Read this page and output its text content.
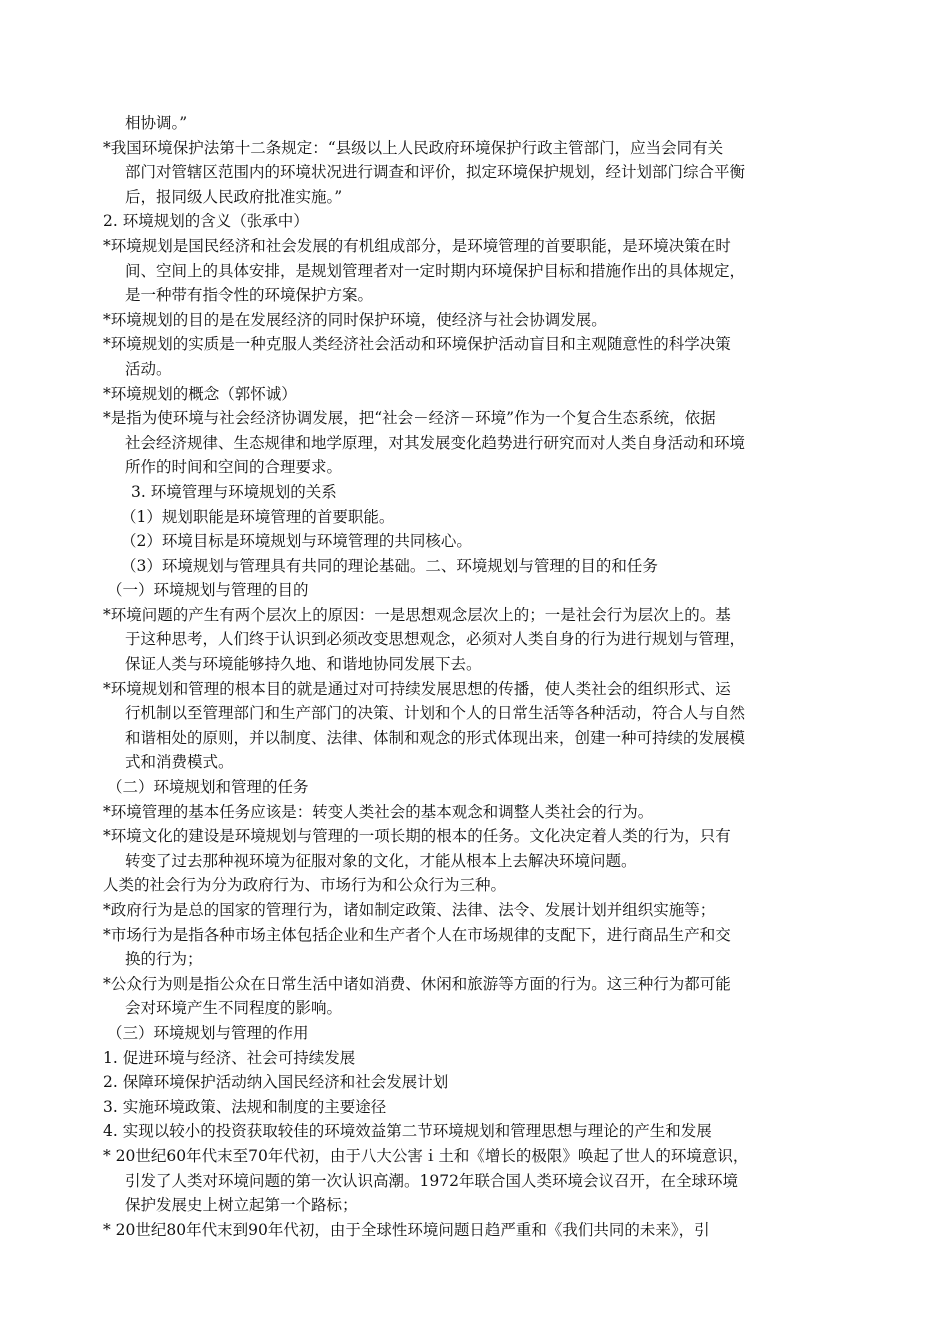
相协调。”
*我国环境保护法第十二条规定：“县级以上人民政府环境保护行政主管部门，应当会同有关
部门对管辖区范围内的环境状况进行调查和评价，拟定环境保护规划，经计划部门综合平衡
后，报同级人民政府批准实施。”
2. 环境规划的含义（张承中）
*环境规划是国民经济和社会发展的有机组成部分，是环境管理的首要职能，是环境决策在时
间、空间上的具体安排，是规划管理者对一定时期内环境保护目标和措施作出的具体规定，
是一种带有指令性的环境保护方案。
*环境规划的目的是在发展经济的同时保护环境，使经济与社会协调发展。
*环境规划的实质是一种克服人类经济社会活动和环境保护活动盲目和主观随意性的科学决策
活动。
*环境规划的概念（郭怀诚）
*是指为使环境与社会经济协调发展，把“社会－经济－环境”作为一个复合生态系统，依据
社会经济规律、生态规律和地学原理，对其发展变化趋势进行研究而对人类自身活动和环境
所作的时间和空间的合理要求。
3. 环境管理与环境规划的关系
（1）规划职能是环境管理的首要职能。
（2）环境目标是环境规划与环境管理的共同核心。
（3）环境规划与管理具有共同的理论基础。二、环境规划与管理的目的和任务
（一）环境规划与管理的目的
*环境问题的产生有两个层次上的原因：一是思想观念层次上的；一是社会行为层次上的。基
于这种思考，人们终于认识到必须改变思想观念，必须对人类自身的行为进行规划与管理，
保证人类与环境能够持久地、和谐地协同发展下去。
*环境规划和管理的根本目的就是通过对可持续发展思想的传播，使人类社会的组织形式、运
行机制以至管理部门和生产部门的决策、计划和个人的日常生活等各种活动，符合人与自然
和谐相处的原则，并以制度、法律、体制和观念的形式体现出来，创建一种可持续的发展模
式和消费模式。
（二）环境规划和管理的任务
*环境管理的基本任务应该是：转变人类社会的基本观念和调整人类社会的行为。
*环境文化的建设是环境规划与管理的一项长期的根本的任务。文化决定着人类的行为，只有
转变了过去那种视环境为征服对象的文化，才能从根本上去解决环境问题。
人类的社会行为分为政府行为、市场行为和公众行为三种。
*政府行为是总的国家的管理行为，诸如制定政策、法律、法令、发展计划并组织实施等；
*市场行为是指各种市场主体包括企业和生产者个人在市场规律的支配下，进行商品生产和交
换的行为；
*公众行为则是指公众在日常生活中诸如消费、休闲和旅游等方面的行为。这三种行为都可能
会对环境产生不同程度的影响。
（三）环境规划与管理的作用
1. 促进环境与经济、社会可持续发展
2. 保障环境保护活动纳入国民经济和社会发展计划
3. 实施环境政策、法规和制度的主要途径
4. 实现以较小的投资获取较佳的环境效益第二节环境规划和管理思想与理论的产生和发展
* 20世纪60年代末至70年代初，由于八大公害ｉ土和《增长的极限》唤起了世人的环境意识，
引发了人类对环境问题的第一次认识高潮。1972年联合国人类环境会议召开，在全球环境
保护发展史上树立起第一个路标；
* 20世纪80年代末到90年代初，由于全球性环境问题日趋严重和《我们共同的未来》，引
